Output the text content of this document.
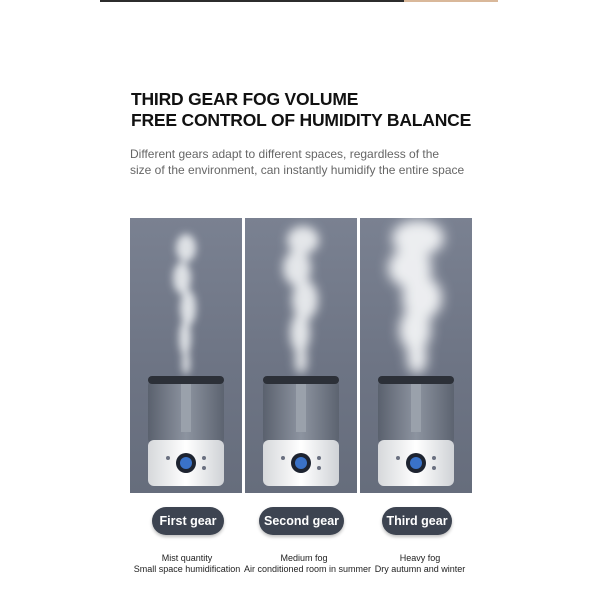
THIRD GEAR FOG VOLUME
FREE CONTROL OF HUMIDITY BALANCE
Different gears adapt to different spaces, regardless of the
size of the environment, can instantly humidify the entire space
First gear	Second gear	Third gear
Mist quantity
Small space humidification
Medium fog
Air conditioned room in summer
Heavy fog
Dry autumn and winter
